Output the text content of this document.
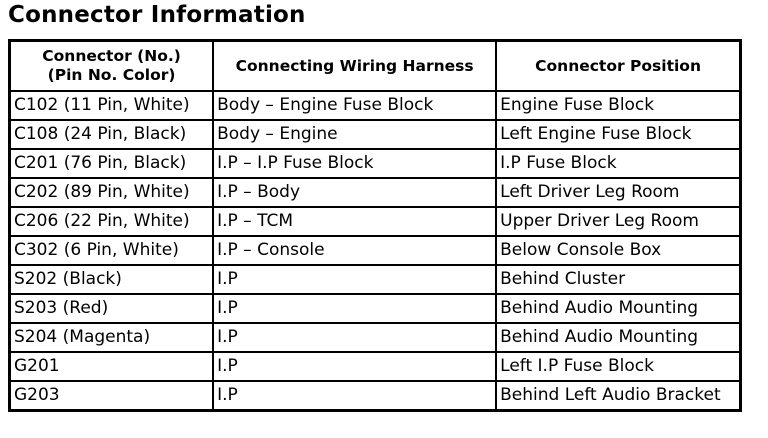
Connector Information
Connector (No.)
(Pin No. Color)	Connecting Wiring Harness	Connector Position
C102 (11 Pin, White)	Body – Engine Fuse Block	Engine Fuse Block
C108 (24 Pin, Black)	Body – Engine	Left Engine Fuse Block
C201 (76 Pin, Black)	I.P – I.P Fuse Block	I.P Fuse Block
C202 (89 Pin, White)	I.P – Body	Left Driver Leg Room
C206 (22 Pin, White)	I.P – TCM	Upper Driver Leg Room
C302 (6 Pin, White)	I.P – Console	Below Console Box
S202 (Black)	I.P	Behind Cluster
S203 (Red)	I.P	Behind Audio Mounting
S204 (Magenta)	I.P	Behind Audio Mounting
G201	I.P	Left I.P Fuse Block
G203	I.P	Behind Left Audio Bracket
